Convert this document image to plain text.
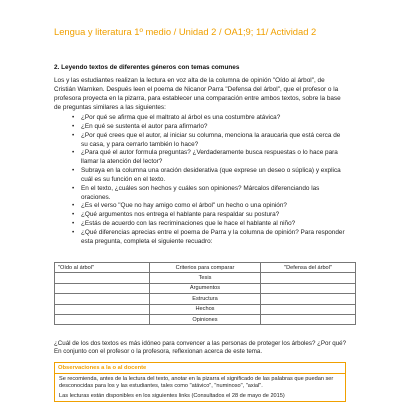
Lengua y literatura 1º medio / Unidad 2 / OA1;9; 11/ Actividad 2
2. Leyendo textos de diferentes géneros con temas comunes

Los y las estudiantes realizan la lectura en voz alta de la columna de opinión "Oído al árbol", de Cristián Warnken. Después leen el poema de Nicanor Parra "Defensa del árbol", que el profesor o la profesora proyecta en la pizarra, para establecer una comparación entre ambos textos, sobre la base de preguntas similares a las siguientes:

• ¿Por qué se afirma que el maltrato al árbol es una costumbre atávica?
• ¿En qué se sustenta el autor para afirmarlo?
• ¿Por qué crees que el autor, al iniciar su columna, menciona la araucaria que está cerca de su casa, y para cerrarlo también lo hace?
• ¿Para qué el autor formula preguntas? ¿Verdaderamente busca respuestas o lo hace para llamar la atención del lector?
• Subraya en la columna una oración desiderativa (que exprese un deseo o súplica) y explica cuál es su función en el texto.
• En el texto, ¿cuáles son hechos y cuáles son opiniones? Márcalos diferenciando las oraciones.
• ¿Es el verso "Que no hay amigo como el árbol" un hecho o una opinión?
• ¿Qué argumentos nos entrega el hablante para respaldar su postura?
• ¿Estás de acuerdo con las recriminaciones que le hace el hablante al niño?
• ¿Qué diferencias aprecias entre el poema de Parra y la columna de opinión? Para responder esta pregunta, completa el siguiente recuadro:
"Oído al árbol"	Criterios para comparar	"Defensa del árbol"
	Tesis	
	Argumentos	
	Estructura	
	Hechos	
	Opiniones	

¿Cuál de los dos textos es más idóneo para convencer a las personas de proteger los árboles? ¿Por qué? En conjunto con el profesor o la profesora, reflexionan acerca de este tema.

Observaciones a la o al docente

Se recomienda, antes de la lectura del texto, anotar en la pizarra el significado de las palabras que puedan ser desconocidas para los y las estudiantes, tales como "atávico", "numinoso", "axial".

Las lecturas están disponibles en los siguientes links (Consultados el 28 de mayo de 2015)
